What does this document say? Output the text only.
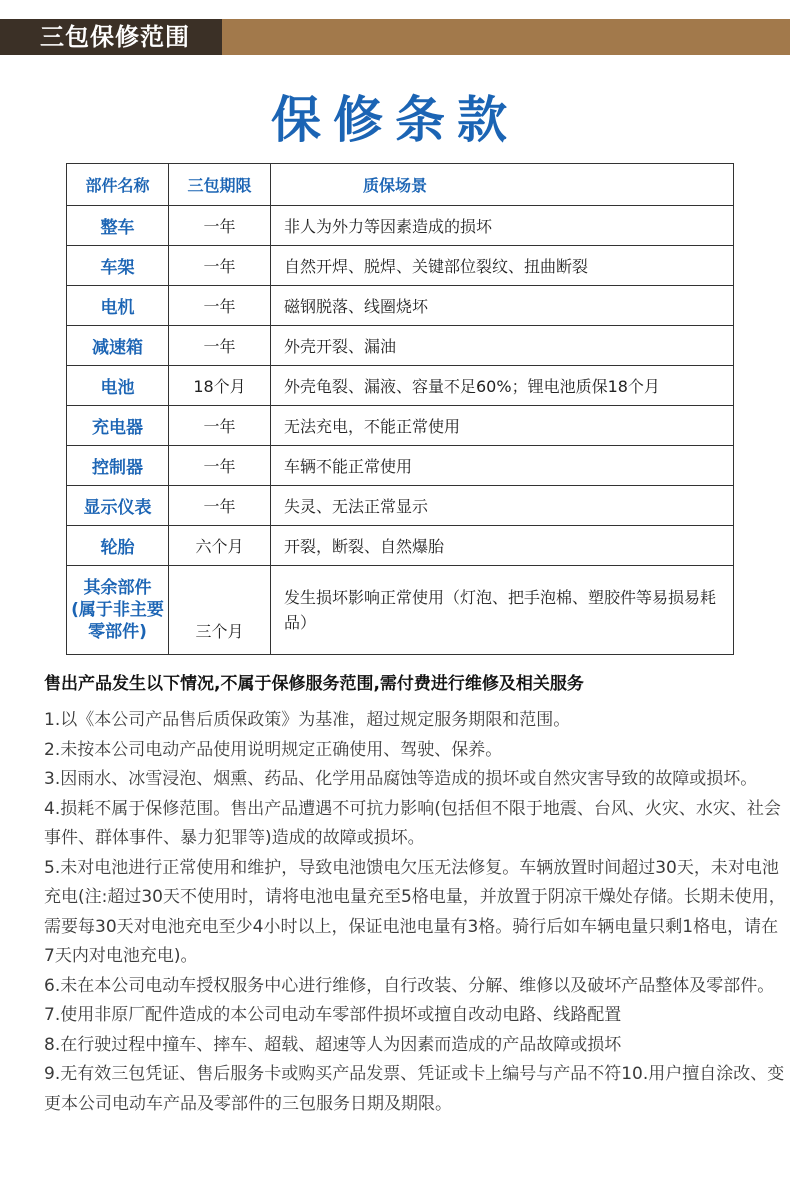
三包保修范围
保修条款
部件名称	三包期限	质保场景
整车	一年	非人为外力等因素造成的损坏
车架	一年	自然开焊、脱焊、关键部位裂纹、扭曲断裂
电机	一年	磁钢脱落、线圈烧坏
减速箱	一年	外壳开裂、漏油
电池	18个月	外壳龟裂、漏液、容量不足60%；锂电池质保18个月
充电器	一年	无法充电，不能正常使用
控制器	一年	车辆不能正常使用
显示仪表	一年	失灵、无法正常显示
轮胎	六个月	开裂，断裂、自然爆胎
其余部件
(属于非主要零部件)	三个月	发生损坏影响正常使用（灯泡、把手泡棉、塑胶件等易损易耗品）
售出产品发生以下情况,不属于保修服务范围,需付费进行维修及相关服务

1.以《本公司产品售后质保政策》为基准，超过规定服务期限和范围。

2.未按本公司电动产品使用说明规定正确使用、驾驶、保养。

3.因雨水、冰雪浸泡、烟熏、药品、化学用品腐蚀等造成的损坏或自然灾害导致的故障或损坏。

4.损耗不属于保修范围。售出产品遭遇不可抗力影响(包括但不限于地震、台风、火灾、水灾、社会事件、群体事件、暴力犯罪等)造成的故障或损坏。

5.未对电池进行正常使用和维护，导致电池馈电欠压无法修复。车辆放置时间超过30天，未对电池充电(注:超过30天不使用时，请将电池电量充至5格电量，并放置于阴凉干燥处存储。长期未使用，需要每30天对电池充电至少4小时以上，保证电池电量有3格。骑行后如车辆电量只剩1格电，请在7天内对电池充电)。

6.未在本公司电动车授权服务中心进行维修，自行改装、分解、维修以及破坏产品整体及零部件。

7.使用非原厂配件造成的本公司电动车零部件损坏或擅自改动电路、线路配置

8.在行驶过程中撞车、摔车、超载、超速等人为因素而造成的产品故障或损坏

9.无有效三包凭证、售后服务卡或购买产品发票、凭证或卡上编号与产品不符10.用户擅自涂改、变更本公司电动车产品及零部件的三包服务日期及期限。
